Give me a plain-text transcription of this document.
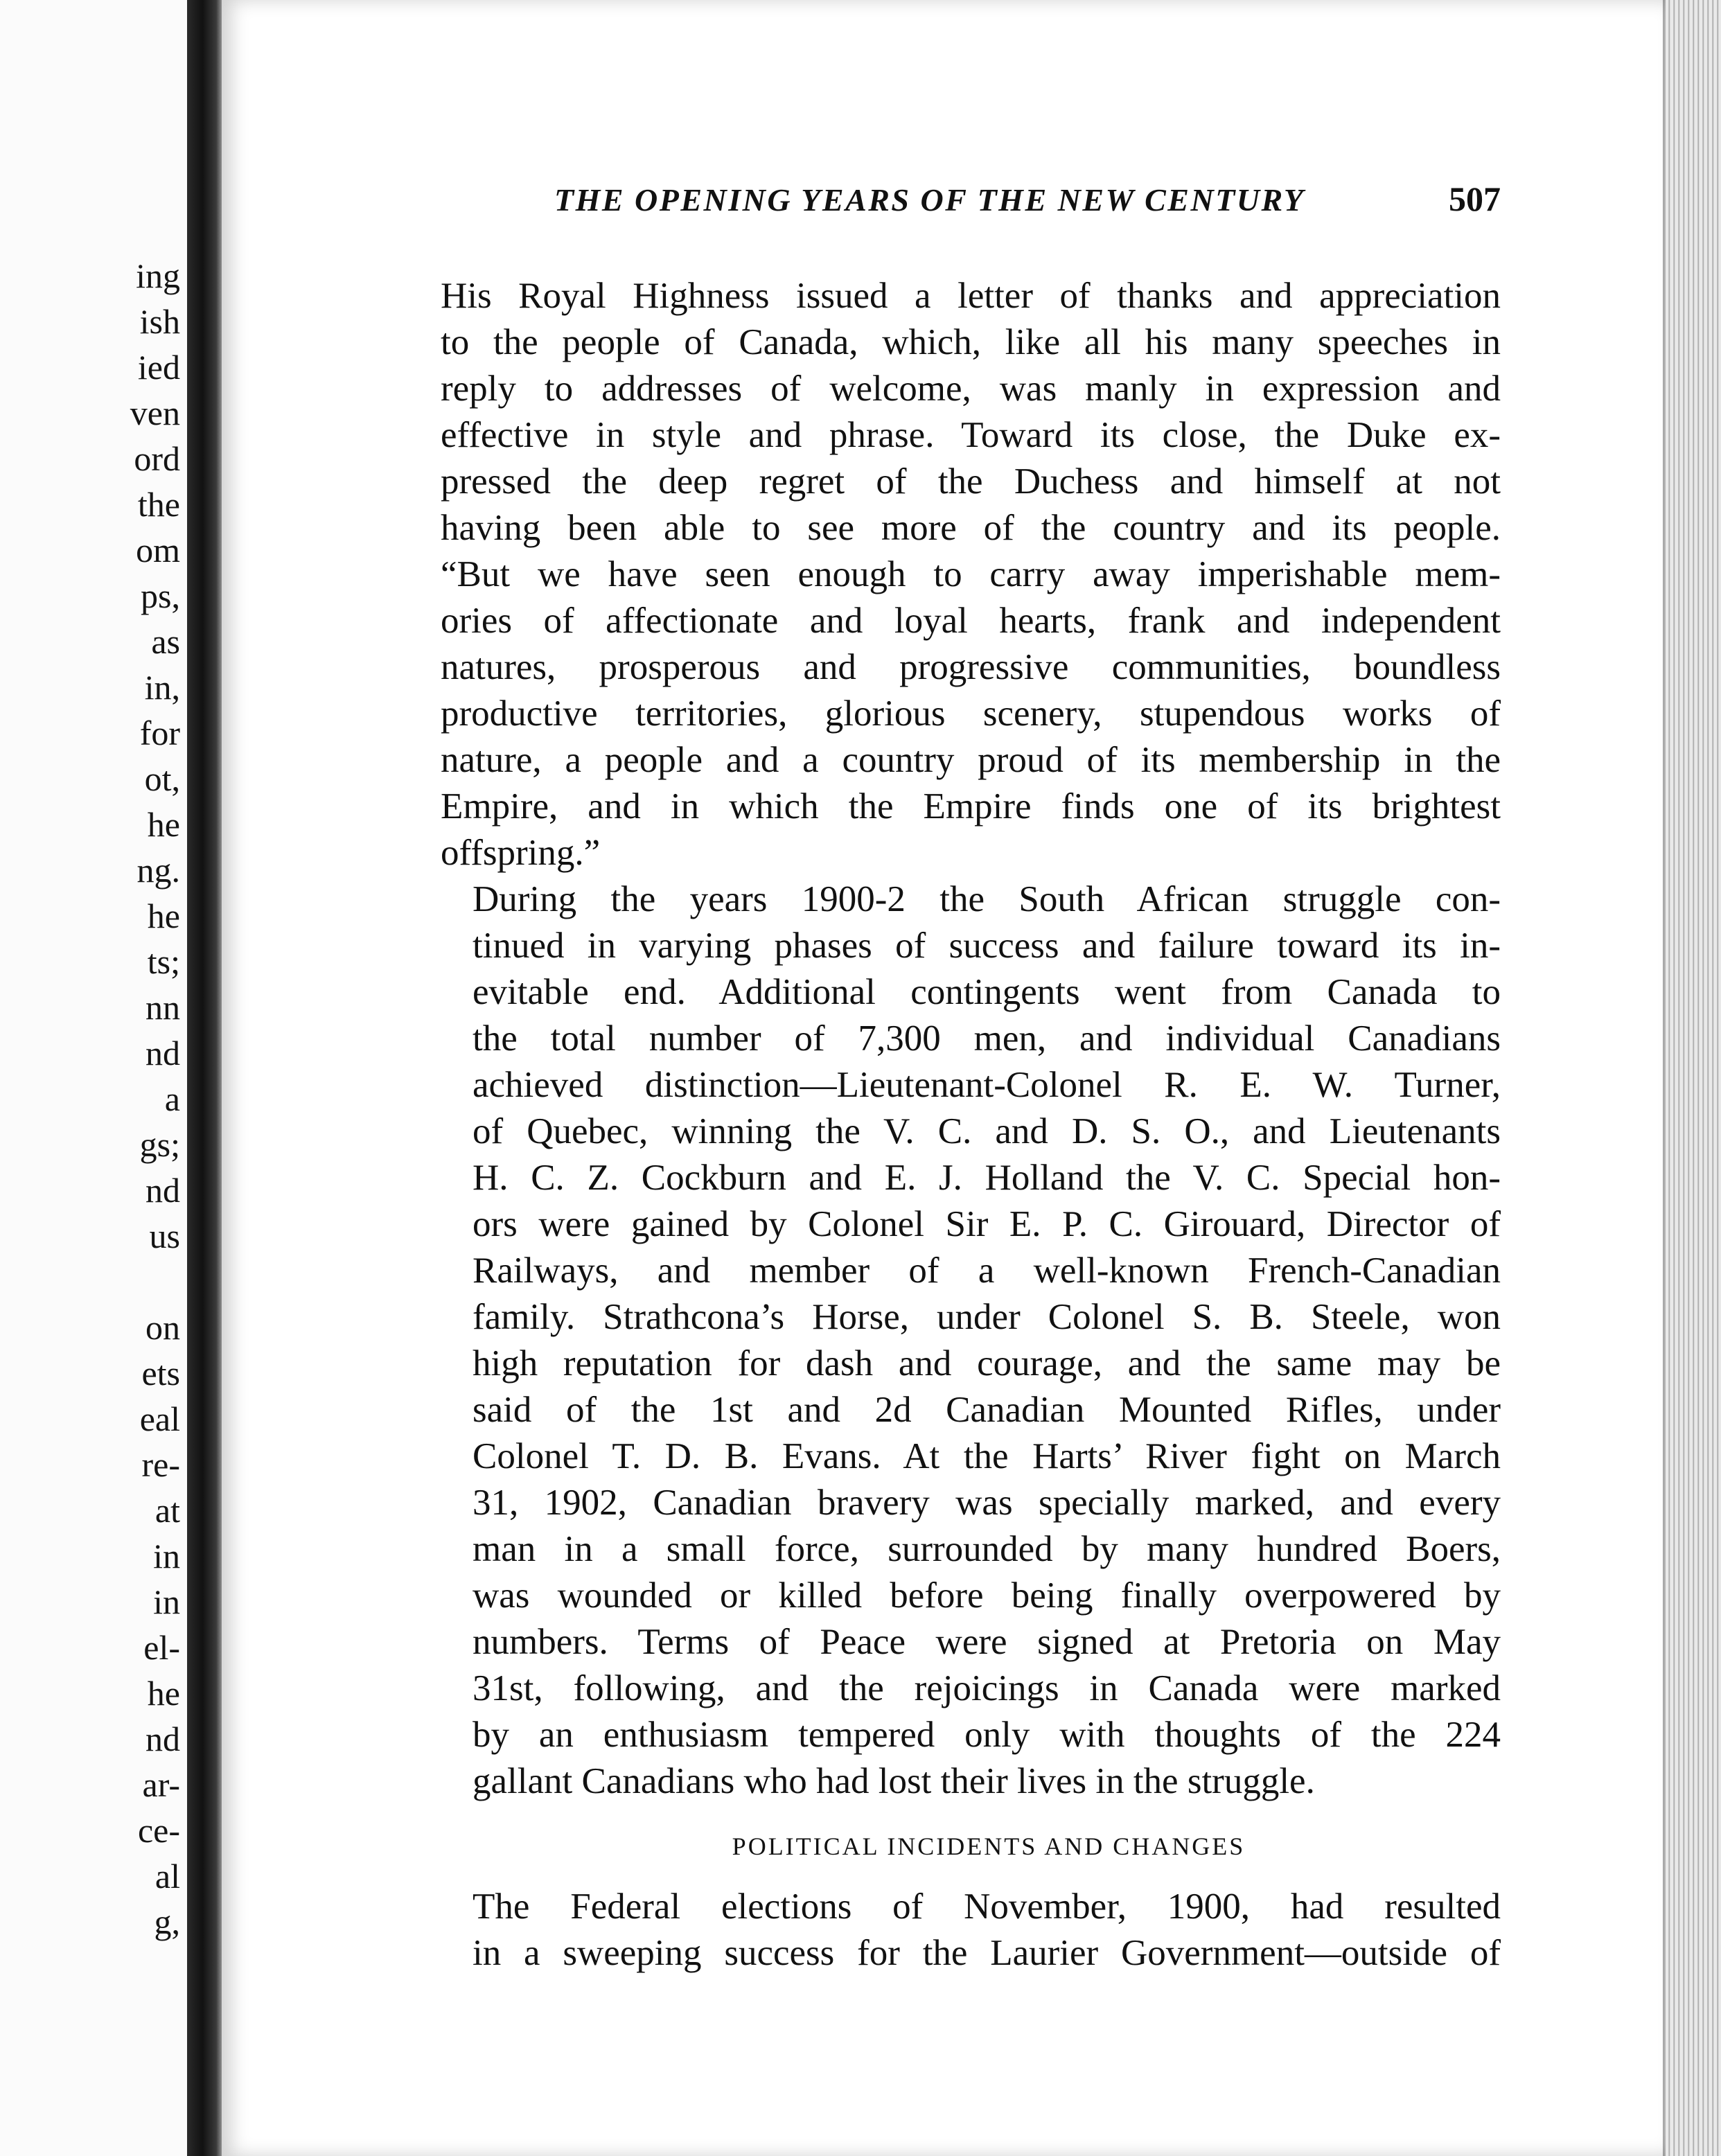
ing
ish
ied
ven
ord
the
om
ps,
as
in,
for
ot,
he
ng.
he
ts;
nn
nd
a
gs;
nd
us
on
ets
eal
re-
at
in
in
el-
he
nd
ar-
ce-
al
g,
THE OPENING YEARS OF THE NEW CENTURY	507
His Royal Highness issued a letter of thanks and appreciation
to the people of Canada, which, like all his many speeches in
reply to addresses of welcome, was manly in expression and
effective in style and phrase. Toward its close, the Duke ex-
pressed the deep regret of the Duchess and himself at not
having been able to see more of the country and its people.
“But we have seen enough to carry away imperishable mem-
ories of affectionate and loyal hearts, frank and independent
natures, prosperous and progressive communities, boundless
productive territories, glorious scenery, stupendous works of
nature, a people and a country proud of its membership in the
Empire, and in which the Empire finds one of its brightest
offspring.”
During the years 1900-2 the South African struggle con-
tinued in varying phases of success and failure toward its in-
evitable end. Additional contingents went from Canada to
the total number of 7,300 men, and individual Canadians
achieved distinction—Lieutenant-Colonel R. E. W. Turner,
of Quebec, winning the V. C. and D. S. O., and Lieutenants
H. C. Z. Cockburn and E. J. Holland the V. C. Special hon-
ors were gained by Colonel Sir E. P. C. Girouard, Director of
Railways, and member of a well-known French-Canadian
family. Strathcona’s Horse, under Colonel S. B. Steele, won
high reputation for dash and courage, and the same may be
said of the 1st and 2d Canadian Mounted Rifles, under
Colonel T. D. B. Evans. At the Harts’ River fight on March
31, 1902, Canadian bravery was specially marked, and every
man in a small force, surrounded by many hundred Boers,
was wounded or killed before being finally overpowered by
numbers. Terms of Peace were signed at Pretoria on May
31st, following, and the rejoicings in Canada were marked
by an enthusiasm tempered only with thoughts of the 224
gallant Canadians who had lost their lives in the struggle.
POLITICAL INCIDENTS AND CHANGES
The Federal elections of November, 1900, had resulted
in a sweeping success for the Laurier Government—outside of
